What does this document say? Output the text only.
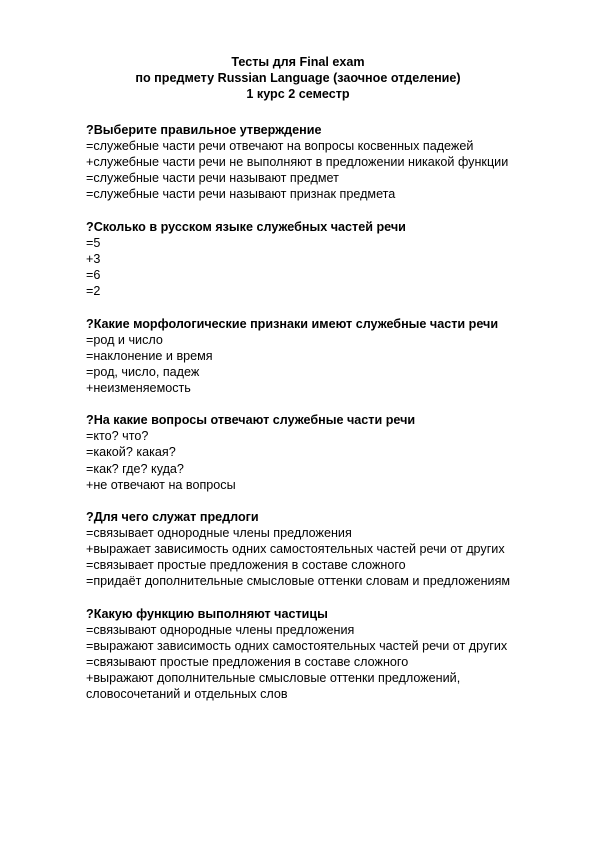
Тесты для Final exam
по предмету Russian Language (заочное отделение)
1 курс 2 семестр
?Выберите правильное утверждение
=служебные части речи отвечают на вопросы косвенных падежей
+служебные части речи не выполняют в предложении никакой функции
=служебные части речи называют предмет
=служебные части речи называют признак предмета
?Сколько в русском языке служебных частей речи
=5
+3
=6
=2
?Какие морфологические признаки имеют служебные части речи
=род и число
=наклонение и время
=род, число, падеж
+неизменяемость
?На какие вопросы отвечают служебные части речи
=кто? что?
=какой? какая?
=как? где? куда?
+не отвечают на вопросы
?Для чего служат предлоги
=связывает однородные члены предложения
+выражает зависимость одних самостоятельных частей речи от других
=связывает простые предложения в составе сложного
=придаёт дополнительные смысловые оттенки словам и предложениям
?Какую функцию выполняют частицы
=связывают однородные члены предложения
=выражают зависимость одних самостоятельных частей речи от других
=связывают простые предложения в составе сложного
+выражают дополнительные смысловые оттенки предложений, словосочетаний и отдельных слов
